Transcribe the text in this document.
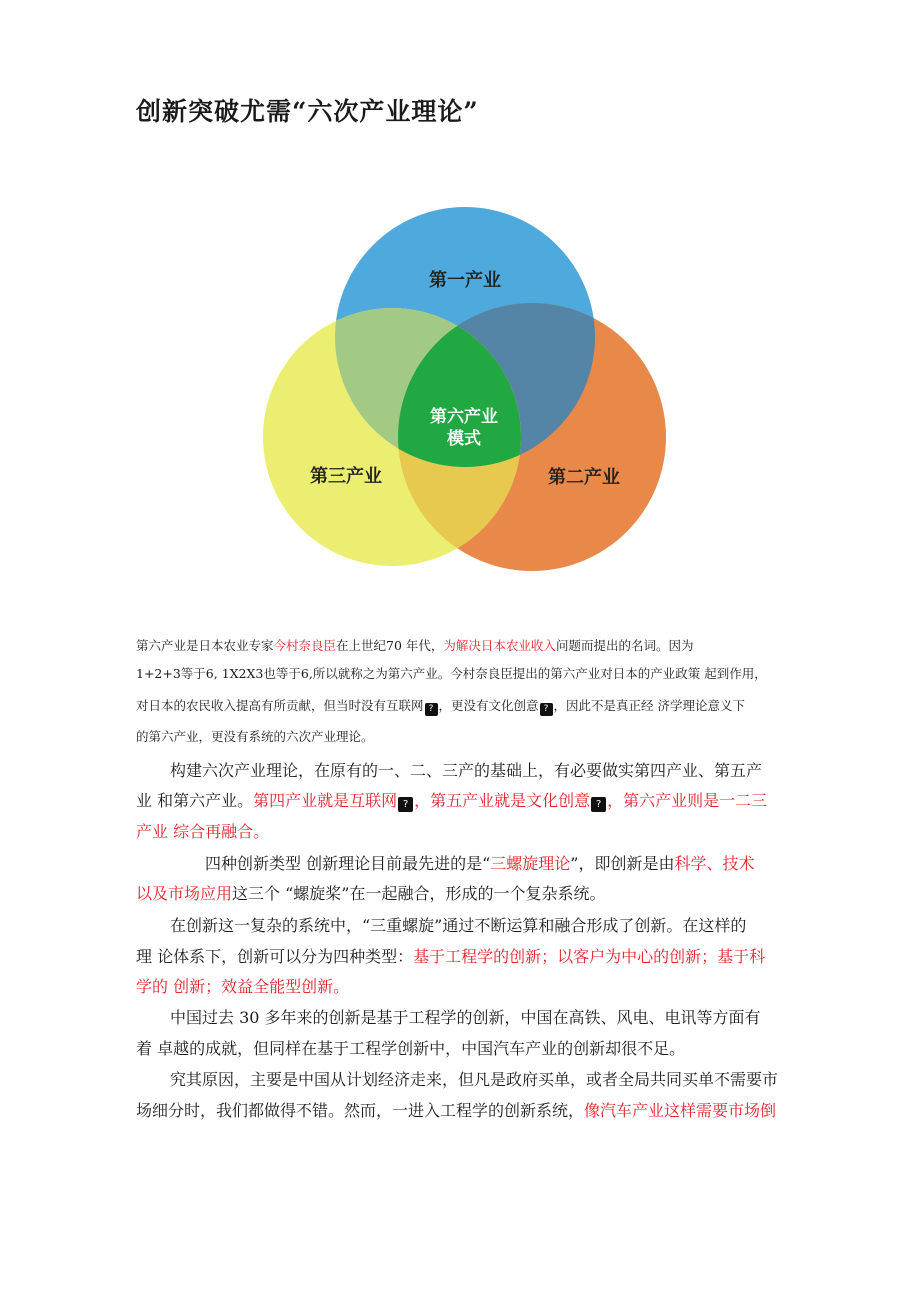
创新突破尤需“六次产业理论”
第一产业
第二产业
第三产业
第六产业
模式
第六产业是日本农业专家今村奈良臣在上世纪70 年代，为解决日本农业收入问题而提出的名词。因为
1+2+3等于6, 1X2X3也等于6,所以就称之为第六产业。今村奈良臣提出的第六产业对日本的产业政策 起到作用，
对日本的农民收入提高有所贡献，但当时没有互联网 ? ，更没有文化创意 ? ，因此不是真正经 济学理论意义下
的第六产业，更没有系统的六次产业理论。
构建六次产业理论，在原有的一、二、三产的基础上，有必要做实第四产业、第五产
业 和第六产业。第四产业就是互联网 ? ，第五产业就是文化创意 ? ，第六产业则是一二三
产业 综合再融合。
四种创新类型 创新理论目前最先进的是“三螺旋理论”，即创新是由科学、技术
以及市场应用这三个 “螺旋桨”在一起融合，形成的一个复杂系统。
在创新这一复杂的系统中，“三重螺旋”通过不断运算和融合形成了创新。在这样的
理 论体系下，创新可以分为四种类型：基于工程学的创新；以客户为中心的创新；基于科
学的 创新；效益全能型创新。
中国过去 30 多年来的创新是基于工程学的创新，中国在高铁、风电、电讯等方面有
着 卓越的成就，但同样在基于工程学创新中，中国汽车产业的创新却很不足。
究其原因，主要是中国从计划经济走来，但凡是政府买单，或者全局共同买单不需要市
场细分时，我们都做得不错。然而，一进入工程学的创新系统，像汽车产业这样需要市场倒
